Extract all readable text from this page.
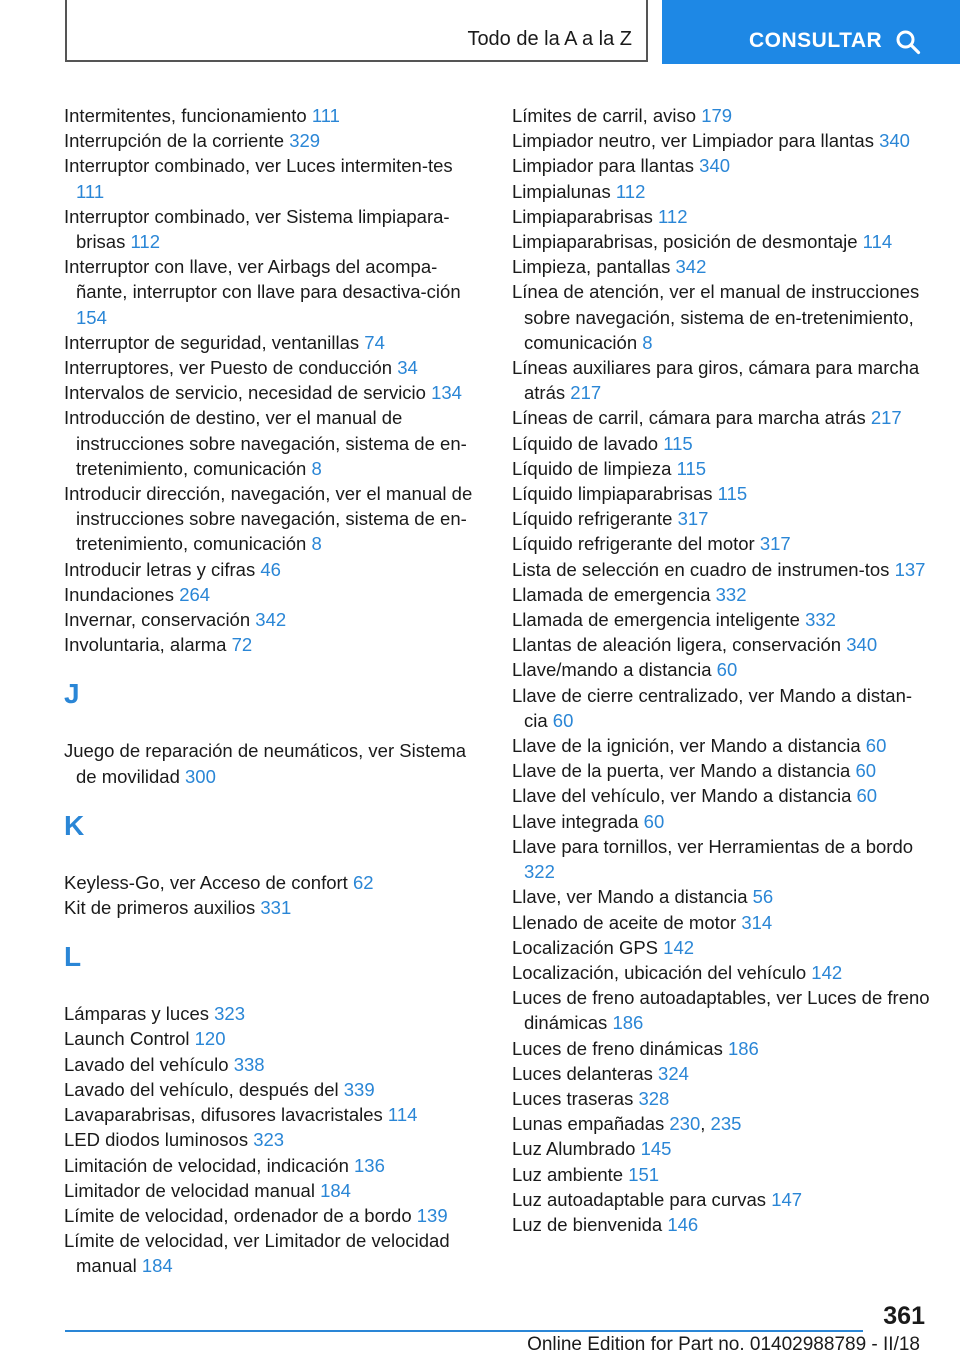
Todo de la A a la Z	CONSULTAR
Intermitentes, funcionamiento 111
Interrupción de la corriente 329
Interruptor combinado, ver Luces intermiten‐tes 111
Interruptor combinado, ver Sistema limpiapara‐brisas 112
Interruptor con llave, ver Airbags del acompa‐ñante, interruptor con llave para desactiva‐ción 154
Interruptor de seguridad, ventanillas 74
Interruptores, ver Puesto de conducción 34
Intervalos de servicio, necesidad de servicio 134
Introducción de destino, ver el manual de instrucciones sobre navegación, sistema de en‐tretenimiento, comunicación 8
Introducir dirección, navegación, ver el manual de instrucciones sobre navegación, sistema de en‐tretenimiento, comunicación 8
Introducir letras y cifras 46
Inundaciones 264
Invernar, conservación 342
Involuntaria, alarma 72
J
Juego de reparación de neumáticos, ver Sistema de movilidad 300
K
Keyless-Go, ver Acceso de confort 62
Kit de primeros auxilios 331
L
Lámparas y luces 323
Launch Control 120
Lavado del vehículo 338
Lavado del vehículo, después del 339
Lavaparabrisas, difusores lavacristales 114
LED diodos luminosos 323
Limitación de velocidad, indicación 136
Limitador de velocidad manual 184
Límite de velocidad, ordenador de a bordo 139
Límite de velocidad, ver Limitador de velocidad manual 184
Límites de carril, aviso 179
Limpiador neutro, ver Limpiador para llantas 340
Limpiador para llantas 340
Limpialunas 112
Limpiaparabrisas 112
Limpiaparabrisas, posición de desmontaje 114
Limpieza, pantallas 342
Línea de atención, ver el manual de instrucciones sobre navegación, sistema de en‐tretenimiento, comunicación 8
Líneas auxiliares para giros, cámara para marcha atrás 217
Líneas de carril, cámara para marcha atrás 217
Líquido de lavado 115
Líquido de limpieza 115
Líquido limpiaparabrisas 115
Líquido refrigerante 317
Líquido refrigerante del motor 317
Lista de selección en cuadro de instrumen‐tos 137
Llamada de emergencia 332
Llamada de emergencia inteligente 332
Llantas de aleación ligera, conservación 340
Llave/mando a distancia 60
Llave de cierre centralizado, ver Mando a distan‐cia 60
Llave de la ignición, ver Mando a distancia 60
Llave de la puerta, ver Mando a distancia 60
Llave del vehículo, ver Mando a distancia 60
Llave integrada 60
Llave para tornillos, ver Herramientas de a bordo 322
Llave, ver Mando a distancia 56
Llenado de aceite de motor 314
Localización GPS 142
Localización, ubicación del vehículo 142
Luces de freno autoadaptables, ver Luces de freno dinámicas 186
Luces de freno dinámicas 186
Luces delanteras 324
Luces traseras 328
Lunas empañadas 230, 235
Luz Alumbrado 145
Luz ambiente 151
Luz autoadaptable para curvas 147
Luz de bienvenida 146
361
Online Edition for Part no. 01402988789 - II/18
